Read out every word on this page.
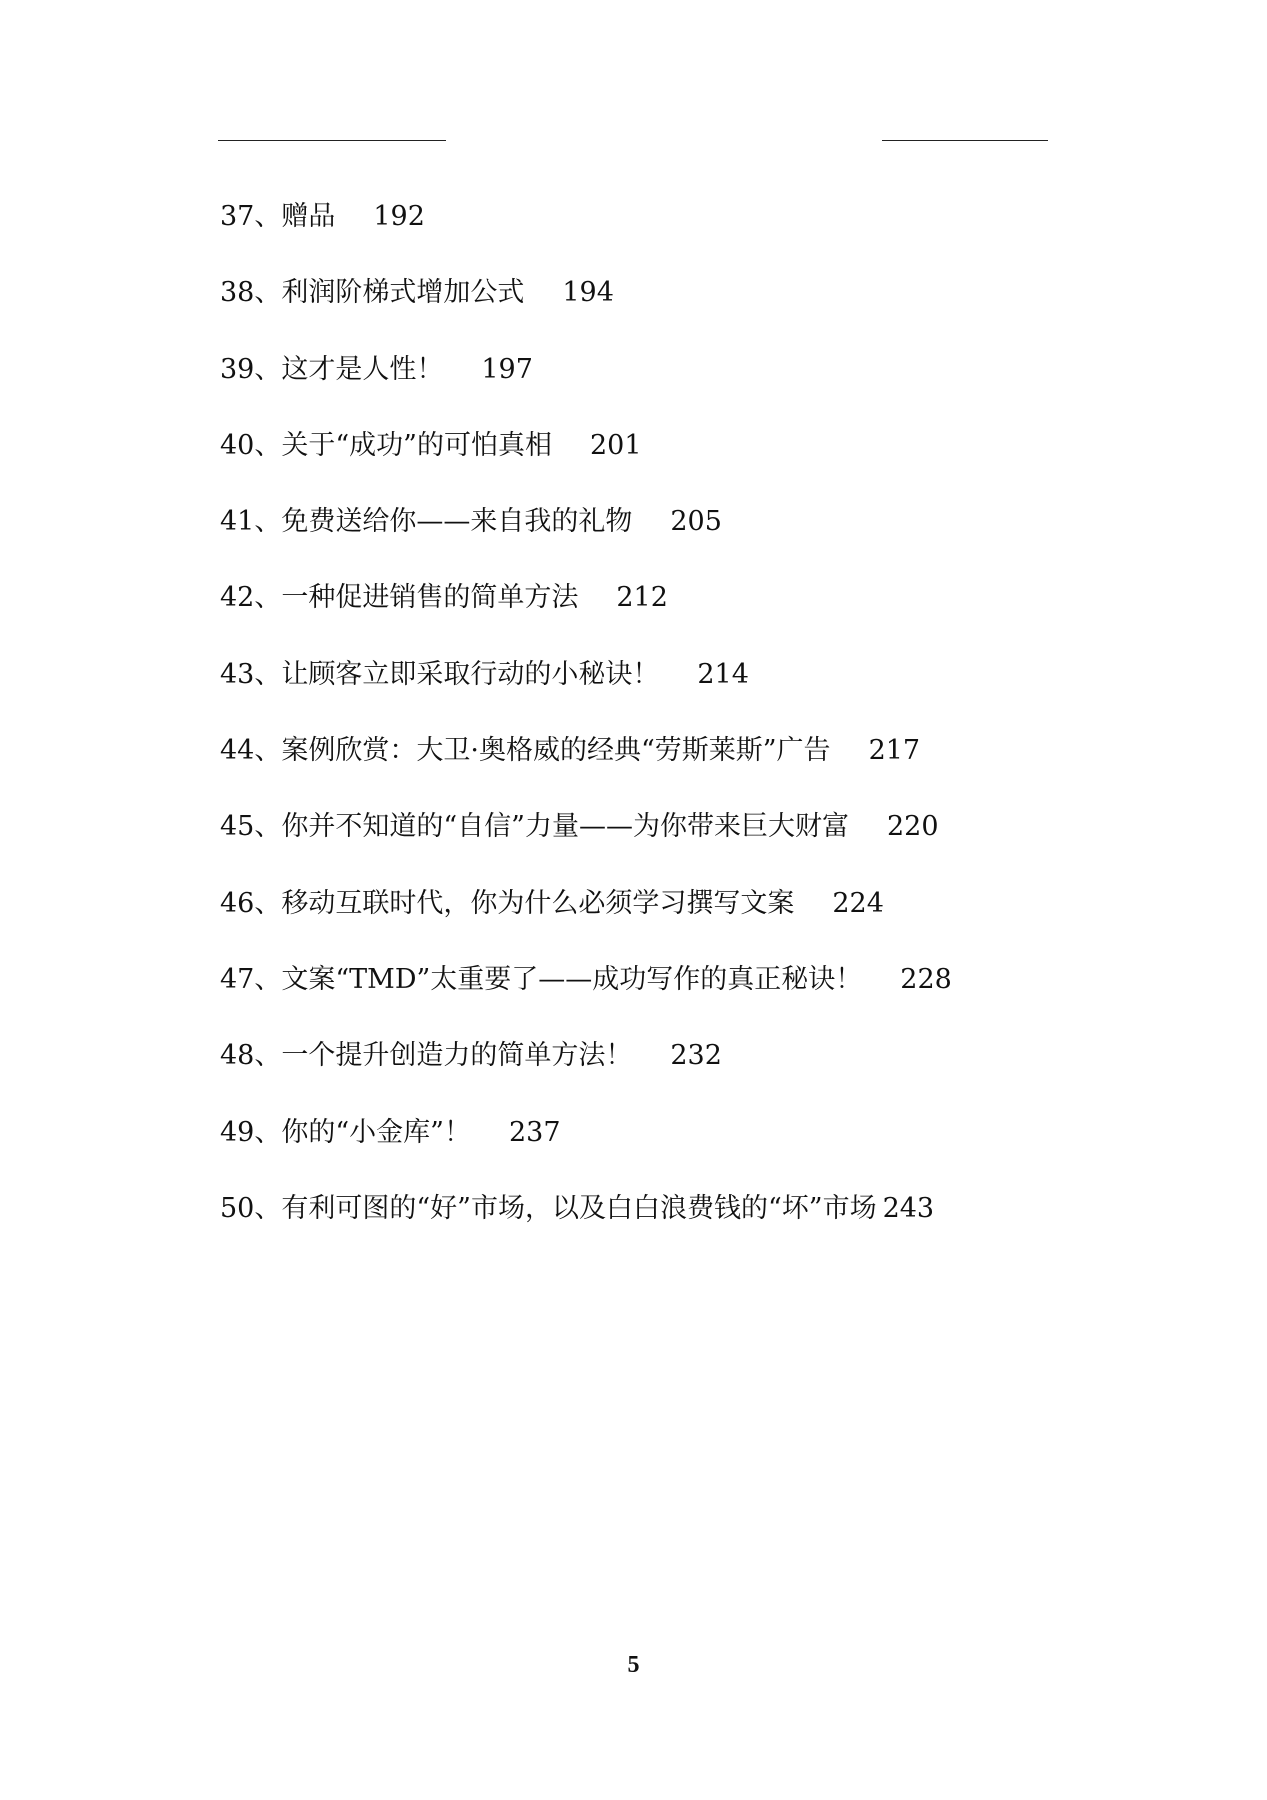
37、赠品 192
38、利润阶梯式增加公式 194
39、这才是人性！ 197
40、关于“成功”的可怕真相 201
41、免费送给你——来自我的礼物 205
42、一种促进销售的简单方法 212
43、让顾客立即采取行动的小秘诀！ 214
44、案例欣赏：大卫·奥格威的经典“劳斯莱斯”广告 217
45、你并不知道的“自信”力量——为你带来巨大财富 220
46、移动互联时代，你为什么必须学习撰写文案 224
47、文案“TMD”太重要了——成功写作的真正秘诀！ 228
48、一个提升创造力的简单方法！ 232
49、你的“小金库”！ 237
50、有利可图的“好”市场，以及白白浪费钱的“坏”市场 243
5
